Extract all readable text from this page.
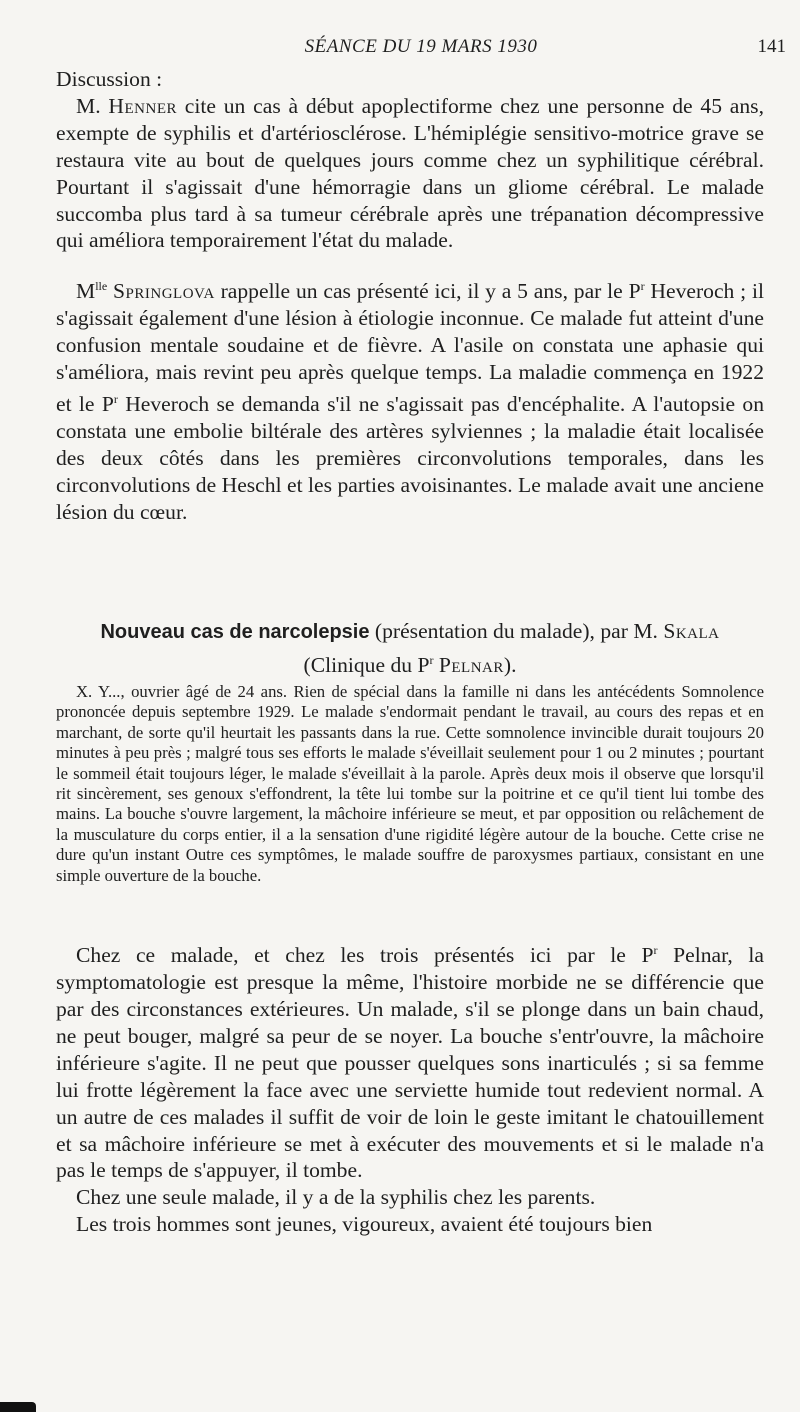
SÉANCE DU 19 MARS 1930	141

Discussion :

M. Henner cite un cas à début apoplectiforme chez une personne de 45 ans, exempte de syphilis et d'artériosclérose. L'hémiplégie sensitivo-motrice grave se restaura vite au bout de quelques jours comme chez un syphilitique cérébral. Pourtant il s'agissait d'une hémorragie dans un gliome cérébral. Le malade succomba plus tard à sa tumeur cérébrale après une trépanation décompressive qui améliora temporairement l'état du malade.

$M^{lle}$ Springlova rappelle un cas présenté ici, il y a 5 ans, par le $P^r$ Heveroch ; il s'agissait également d'une lésion à étiologie inconnue. Ce malade fut atteint d'une confusion mentale soudaine et de fièvre. A l'asile on constata une aphasie qui s'améliora, mais revint peu après quelque temps. La maladie commença en 1922 et le $P^r$ Heveroch se demanda s'il ne s'agissait pas d'encéphalite. A l'autopsie on constata une embolie biltérale des artères sylviennes ; la maladie était localisée des deux côtés dans les premières circonvolutions temporales, dans les circonvolutions de Heschl et les parties avoisinantes. Le malade avait une anciene lésion du cœur.

Nouveau cas de narcolepsie (présentation du malade), par M. Skala
(Clinique du $P^r$ Pelnar).

X. Y..., ouvrier âgé de 24 ans. Rien de spécial dans la famille ni dans les antécédents Somnolence prononcée depuis septembre 1929. Le malade s'endormait pendant le travail, au cours des repas et en marchant, de sorte qu'il heurtait les passants dans la rue. Cette somnolence invincible durait toujours 20 minutes à peu près ; malgré tous ses efforts le malade s'éveillait seulement pour 1 ou 2 minutes ; pourtant le sommeil était toujours léger, le malade s'éveillait à la parole. Après deux mois il observe que lorsqu'il rit sincèrement, ses genoux s'effondrent, la tête lui tombe sur la poitrine et ce qu'il tient lui tombe des mains. La bouche s'ouvre largement, la mâchoire inférieure se meut, et par opposition ou relâchement de la musculature du corps entier, il a la sensation d'une rigidité légère autour de la bouche. Cette crise ne dure qu'un instant Outre ces symptômes, le malade souffre de paroxysmes partiaux, consistant en une simple ouverture de la bouche.

Chez ce malade, et chez les trois présentés ici par le $P^r$ Pelnar, la symptomatologie est presque la même, l'histoire morbide ne se différencie que par des circonstances extérieures. Un malade, s'il se plonge dans un bain chaud, ne peut bouger, malgré sa peur de se noyer. La bouche s'entr'ouvre, la mâchoire inférieure s'agite. Il ne peut que pousser quelques sons inarticulés ; si sa femme lui frotte légèrement la face avec une serviette humide tout redevient normal. A un autre de ces malades il suffit de voir de loin le geste imitant le chatouillement et sa mâchoire inférieure se met à exécuter des mouvements et si le malade n'a pas le temps de s'appuyer, il tombe.

Chez une seule malade, il y a de la syphilis chez les parents.

Les trois hommes sont jeunes, vigoureux, avaient été toujours bien
